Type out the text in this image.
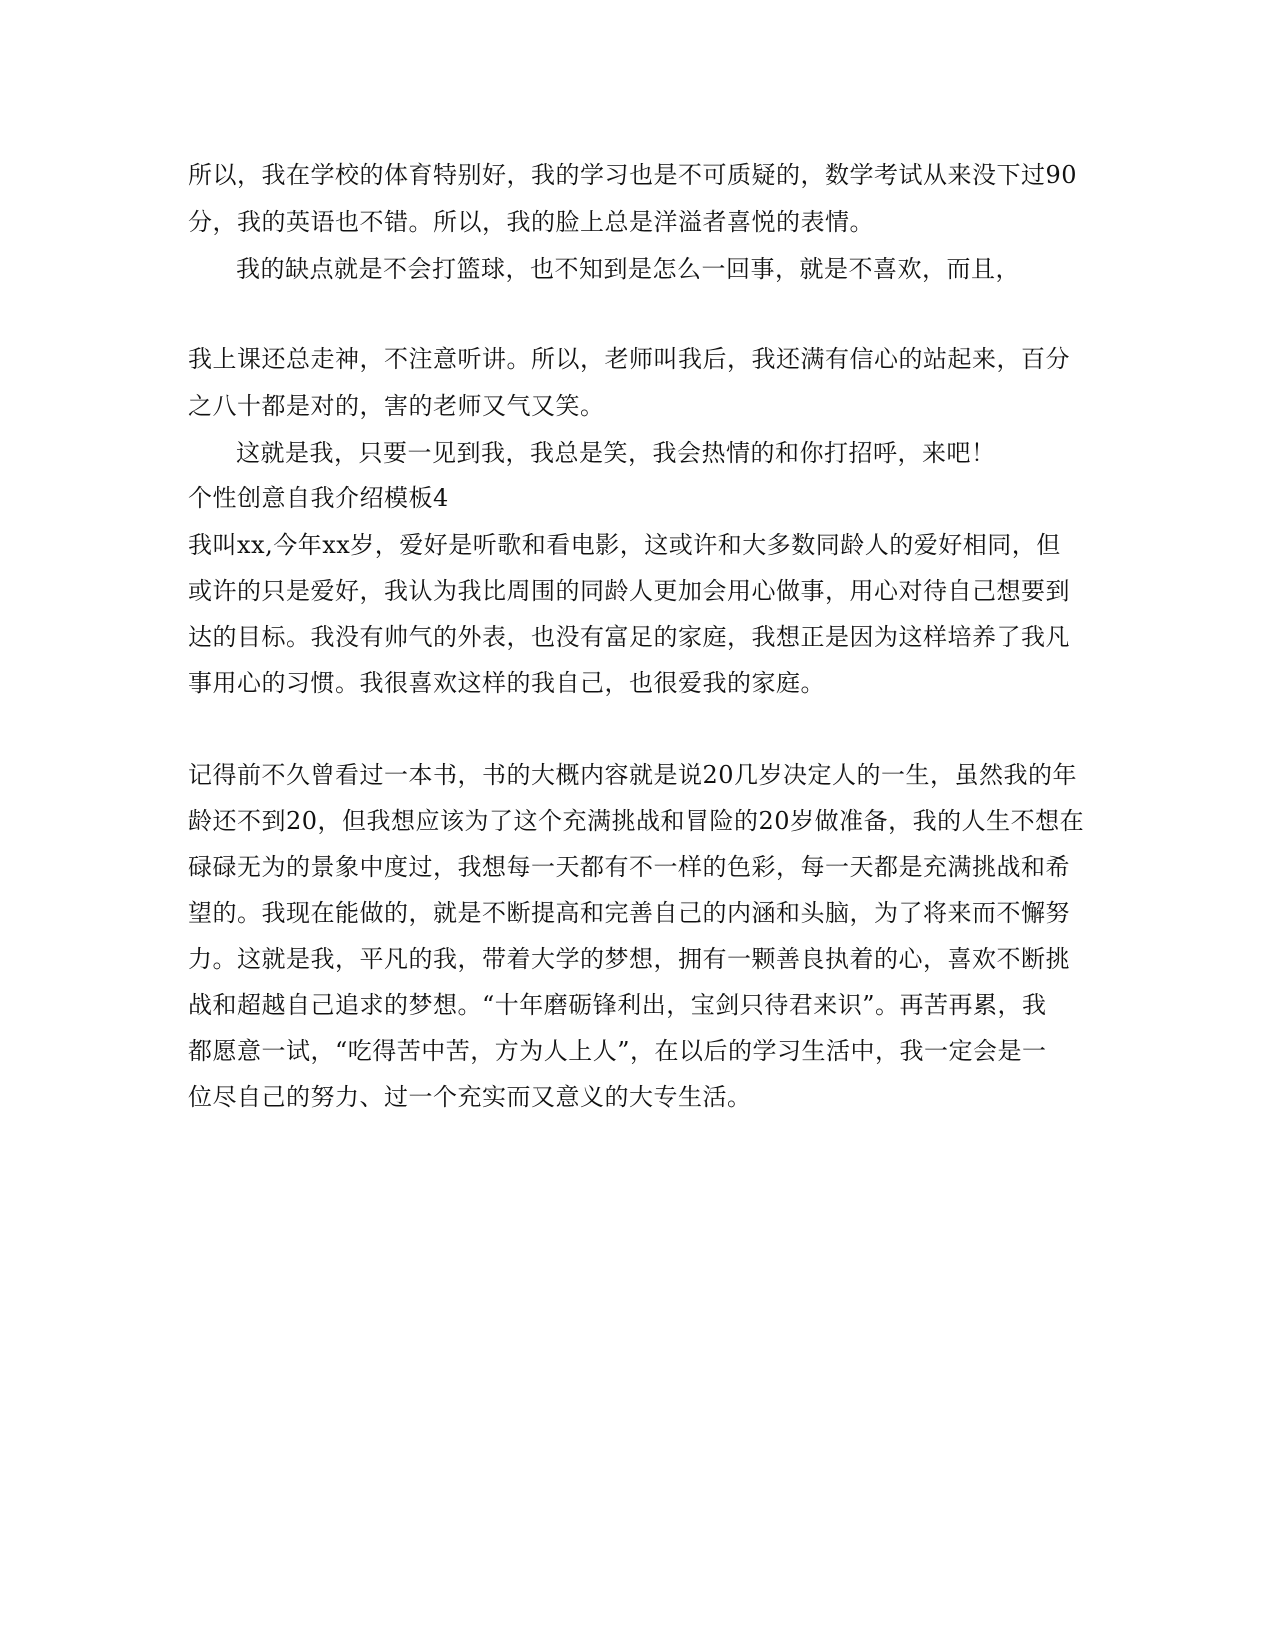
所以，我在学校的体育特别好，我的学习也是不可质疑的，数学考试从来没下过90
分，我的英语也不错。所以，我的脸上总是洋溢者喜悦的表情。
我的缺点就是不会打篮球，也不知到是怎么一回事，就是不喜欢，而且，
我上课还总走神，不注意听讲。所以，老师叫我后，我还满有信心的站起来，百分
之八十都是对的，害的老师又气又笑。
这就是我，只要一见到我，我总是笑，我会热情的和你打招呼，来吧！
个性创意自我介绍模板4
我叫xx,今年xx岁，爱好是听歌和看电影，这或许和大多数同龄人的爱好相同，但
或许的只是爱好，我认为我比周围的同龄人更加会用心做事，用心对待自己想要到
达的目标。我没有帅气的外表，也没有富足的家庭，我想正是因为这样培养了我凡
事用心的习惯。我很喜欢这样的我自己，也很爱我的家庭。
记得前不久曾看过一本书，书的大概内容就是说20几岁决定人的一生，虽然我的年
龄还不到20，但我想应该为了这个充满挑战和冒险的20岁做准备，我的人生不想在
碌碌无为的景象中度过，我想每一天都有不一样的色彩，每一天都是充满挑战和希
望的。我现在能做的，就是不断提高和完善自己的内涵和头脑，为了将来而不懈努
力。这就是我，平凡的我，带着大学的梦想，拥有一颗善良执着的心，喜欢不断挑
战和超越自己追求的梦想。“十年磨砺锋利出，宝剑只待君来识”。再苦再累，我
都愿意一试，“吃得苦中苦，方为人上人”，在以后的学习生活中，我一定会是一
位尽自己的努力、过一个充实而又意义的大专生活。
